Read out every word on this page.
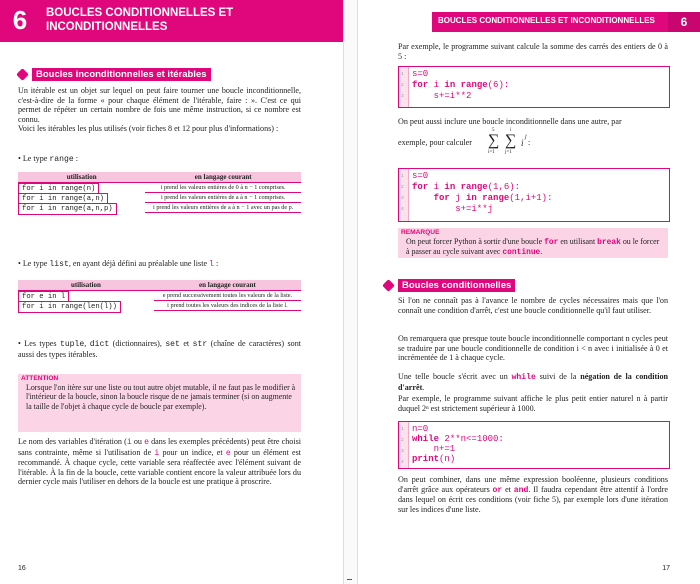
6	BOUCLES CONDITIONNELLES ET INCONDITIONNELLES
Boucles inconditionnelles et itérables

Un itérable est un objet sur lequel on peut faire tourner une boucle inconditionnelle, c'est-à-dire de la forme « pour chaque élément de l'itérable, faire : ». C'est ce qui permet de répéter un certain nombre de fois une même instruction, si ce nombre est connu.

Voici les itérables les plus utilisés (voir fiches 8 et 12 pour plus d'informations) :

• Le type range :
utilisation	en langage courant

for i in range(n)	i prend les valeurs entières de 0 à n − 1 comprises.

for i in range(a,n)	i prend les valeurs entières de a à n − 1 comprises.

for i in range(a,n,p)	i prend les valeurs entières de a à n − 1 avec un pas de p.
• Le type list, en ayant déjà défini au préalable une liste l :
utilisation	en langage courant

for e in l	e prend successivement toutes les valeurs de la liste.

for i in range(len(l))	i prend toutes les valeurs des indices de la liste l.
• Les types tuple, dict (dictionnaires), set et str (chaîne de caractères) sont aussi des types itérables.
ATTENTION
Lorsque l'on itère sur une liste ou tout autre objet mutable, il ne faut pas le modifier à l'intérieur de la boucle, sinon la boucle risque de ne jamais terminer (si on augmente la taille de l'objet à chaque cycle de boucle par exemple).
Le nom des variables d'itération (i ou e dans les exemples précédents) peut être choisi sans contrainte, même si l'utilisation de i pour un indice, et e pour un élément est recommandé. À chaque cycle, cette variable sera réaffectée avec l'élément suivant de l'itérable. À la fin de la boucle, cette variable contient encore la valeur attribuée lors du dernier cycle mais l'utiliser en dehors de la boucle est une pratique à proscrire.
16
BOUCLES CONDITIONNELLES ET INCONDITIONNELLES	6
Par exemple, le programme suivant calcule la somme des carrés des entiers de 0 à 5 :
1
2
3
s=0
for i in range(6):
s+=i**2
On peut aussi inclure une boucle inconditionnelle dans une autre, par
exemple, pour calculer
5
∑
i=1
i
∑
j=1
i
j
:
1
2
3
4
s=0
for i in range(1,6):
for j in range(1,i+1):
s+=i**j
REMARQUE
On peut forcer Python à sortir d'une boucle for en utilisant break ou le forcer à passer au cycle suivant avec continue.
Boucles conditionnelles
Si l'on ne connaît pas à l'avance le nombre de cycles nécessaires mais que l'on connaît une condition d'arrêt, c'est une boucle conditionnelle qu'il faut utiliser.
On remarquera que presque toute boucle inconditionnelle comportant n cycles peut se traduire par une boucle conditionnelle de condition i < n avec i initialisée à 0 et incrémentée de 1 à chaque cycle.
Une telle boucle s'écrit avec un while suivi de la négation de la condition d'arrêt.
Par exemple, le programme suivant affiche le plus petit entier naturel n à partir duquel 2ⁿ est strictement supérieur à 1000.
1
2
3
4
n=0
while 2**n<=1000:
n+=1
print(n)
On peut combiner, dans une même expression booléenne, plusieurs conditions d'arrêt grâce aux opérateurs or et and. Il faudra cependant être attentif à l'ordre dans lequel on écrit ces conditions (voir fiche 5), par exemple lors d'une itération sur les indices d'une liste.
17
